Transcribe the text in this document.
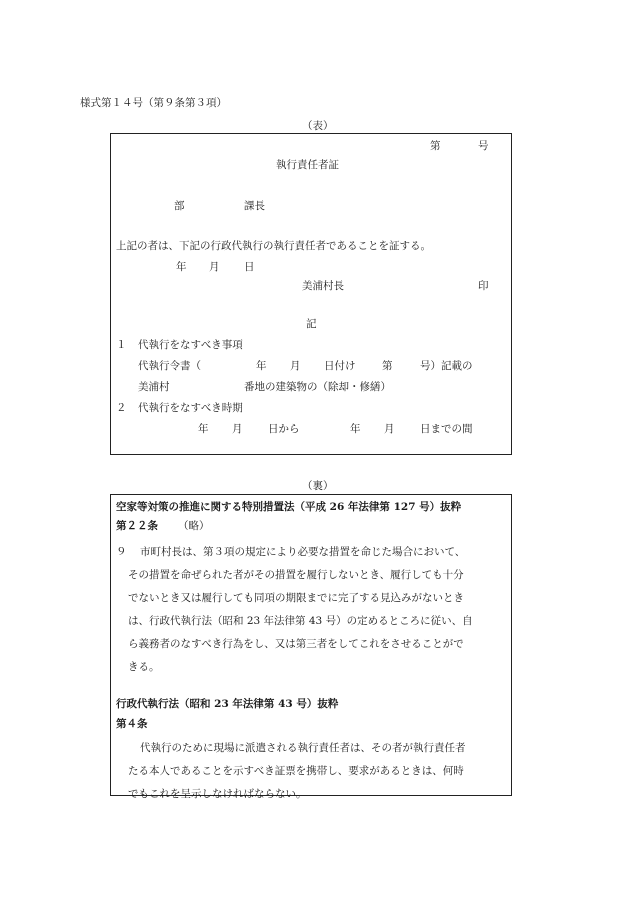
様式第１４号（第９条第３項）
（表）
第	号
執行責任者証
部	課長
上記の者は、下記の行政代執行の執行責任者であることを証する。
年 月 日
美浦村長	印
記
１ 代執行をなすべき事項
代執行令書（	年 月 日付け	第	号）記載の
美浦村	番地の建築物の（除却・修繕）
２ 代執行をなすべき時期
年 月 日から	年 月 日までの間
（裏）
空家等対策の推進に関する特別措置法（平成 26 年法律第 127 号）抜粋
第２２条 （略）
９	市町村長は、第３項の規定により必要な措置を命じた場合において、
その措置を命ぜられた者がその措置を履行しないとき、履行しても十分
でないとき又は履行しても同項の期限までに完了する見込みがないとき
は、行政代執行法（昭和 23 年法律第 43 号）の定めるところに従い、自
ら義務者のなすべき行為をし、又は第三者をしてこれをさせることがで
きる。
行政代執行法（昭和 23 年法律第 43 号）抜粋
第４条
代執行のために現場に派遣される執行責任者は、その者が執行責任者
たる本人であることを示すべき証票を携帯し、要求があるときは、何時
でもこれを呈示しなければならない。
